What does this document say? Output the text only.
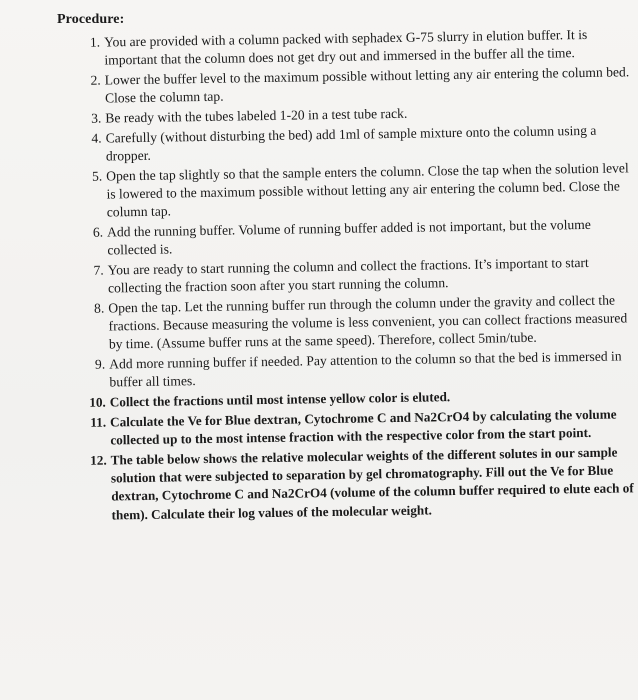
Procedure:
1. You are provided with a column packed with sephadex G-75 slurry in elution buffer. It is important that the column does not get dry out and immersed in the buffer all the time.
2. Lower the buffer level to the maximum possible without letting any air entering the column bed. Close the column tap.
3. Be ready with the tubes labeled 1-20 in a test tube rack.
4. Carefully (without disturbing the bed) add 1ml of sample mixture onto the column using a dropper.
5. Open the tap slightly so that the sample enters the column. Close the tap when the solution level is lowered to the maximum possible without letting any air entering the column bed. Close the column tap.
6. Add the running buffer. Volume of running buffer added is not important, but the volume collected is.
7. You are ready to start running the column and collect the fractions. It’s important to start collecting the fraction soon after you start running the column.
8. Open the tap. Let the running buffer run through the column under the gravity and collect the fractions. Because measuring the volume is less convenient, you can collect fractions measured by time. (Assume buffer runs at the same speed). Therefore, collect 5min/tube.
9. Add more running buffer if needed. Pay attention to the column so that the bed is immersed in buffer all times.
10. Collect the fractions until most intense yellow color is eluted.
11. Calculate the Ve for Blue dextran, Cytochrome C and Na2CrO4 by calculating the volume collected up to the most intense fraction with the respective color from the start point.
12. The table below shows the relative molecular weights of the different solutes in our sample solution that were subjected to separation by gel chromatography. Fill out the Ve for Blue dextran, Cytochrome C and Na2CrO4 (volume of the column buffer required to elute each of them). Calculate their log values of the molecular weight.
